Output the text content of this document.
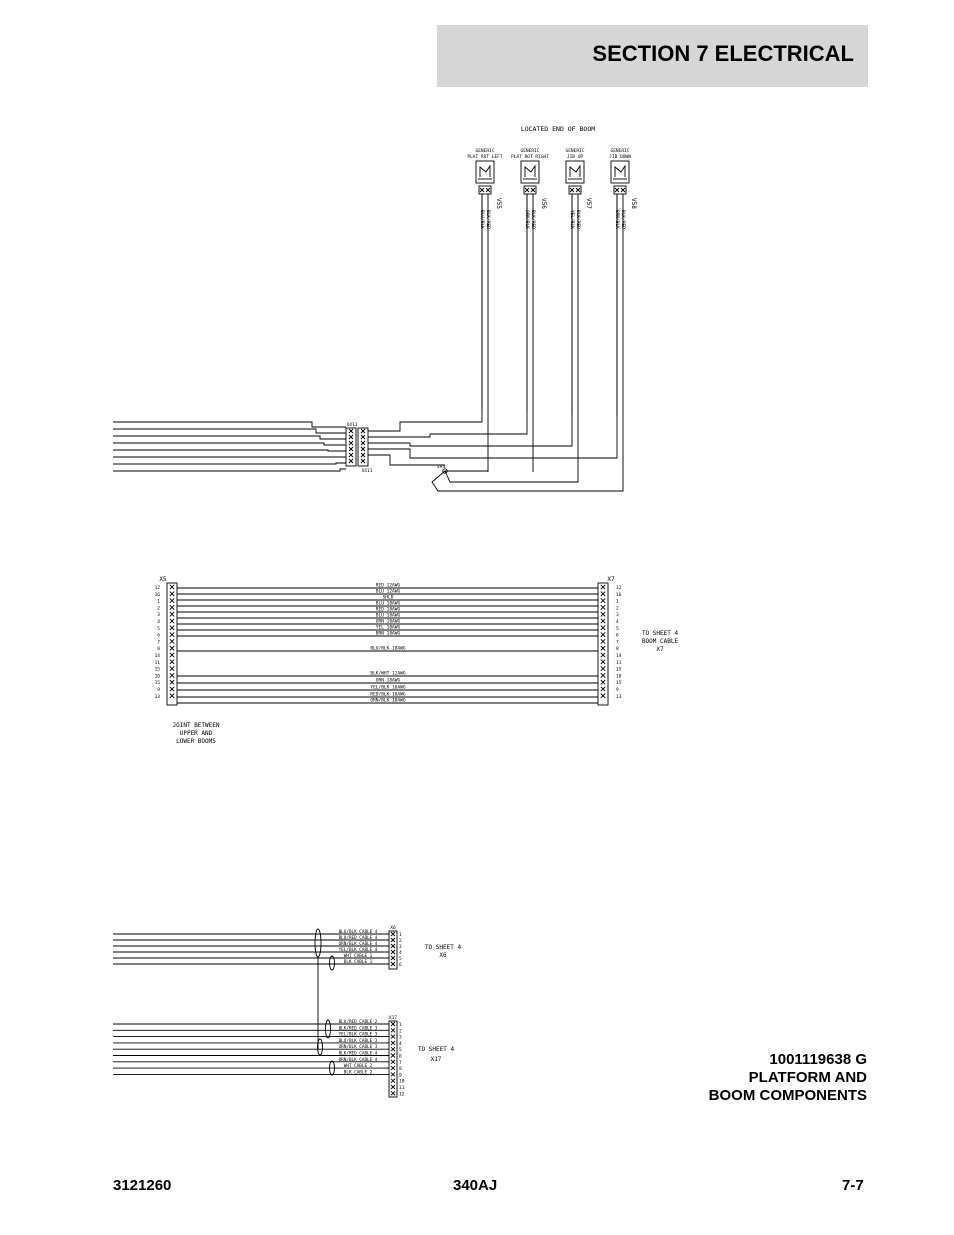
SECTION 7 ELECTRICAL
LOCATED END OF BOOM
GENERIC
PLAT ROT LEFT
V55
BLU/BLK BLK/RED
GENERIC
PLAT ROT RIGHT
V56
ORN/BLK BLK/RED
GENERIC
JIB UP
V57
YEL/BLK BLK/RED
GENERIC
JIB DOWN
V58
BRN/BLK BLK/RED
X411
X411
S94
X5	X7
12	12
16	16
1	1
2	2
3	3
4	4
5	5
6	6
7	7
8	8
14	14
11	11
15	15
10	10
15	15
9	9
13	13
RED 12AWG
BLU 12AWG
SHLD
BLU 18AWG
RED 18AWG
BLU 18AWG
ORN 18AWG
YEL 18AWG
BRN 18AWG
BLU/BLK 18AWG
BLK/WHT 12AWG
ORN 18AWG
YEL/BLK 18AWG
RED/BLK 18AWG
ORN/BLK 18AWG
JOINT BETWEEN
UPPER AND
LOWER BOOMS
TO SHEET 4
BOOM CABLE
X7
X6
BLU/BLK CABLE 4
1
BLU/RED CABLE 4
2
ORN/BLK CABLE 4
3
YEL/BLK CABLE 4
4
WHT CABLE 1
5
BLK CABLE 1
6
TO SHEET 4
X6
X17
1
2
3
4
5
6
7
8
9
10
11
12
BLU/RED CABLE 2
BLK/RED CABLE 3
YEL/BLK CABLE 3
BLU/BLK CABLE 3
ORN/BLK CABLE 3
BLK/RED CABLE 4
ORN/BLK CABLE 4
WHT CABLE 2
BLK CABLE 2
TO SHEET 4
X17	1001119638 G
PLATFORM AND
BOOM COMPONENTS
3121260	340AJ	7-7
